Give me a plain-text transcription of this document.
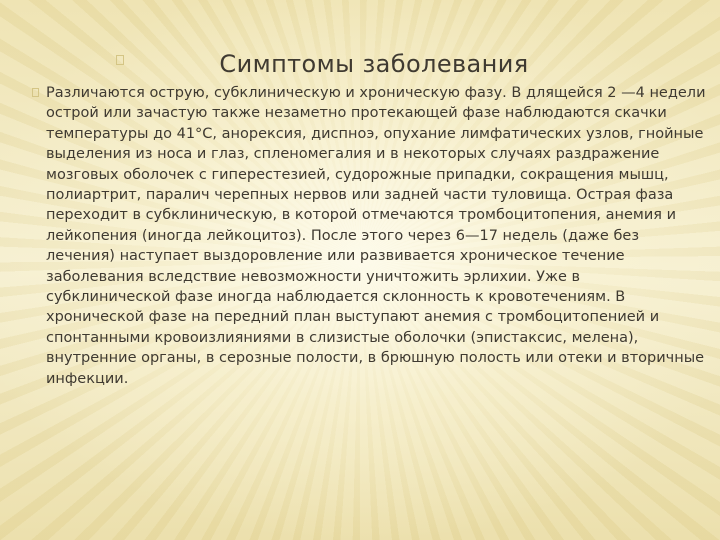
Симптомы заболевания

Различаются острую, субклиническую и хроническую фазу. В длящейся 2 —4 недели острой или зачастую также незаметно протекающей фазе наблюдаются скачки температуры до 41°C, анорексия, диспноэ, опухание лимфатических узлов, гнойные выделения из носа и глаз, спленомегалия и в некоторых случаях раздражение мозговых оболочек с гиперестезией, судорожные припадки, сокращения мышц, полиартрит, паралич черепных нервов или задней части туловища. Острая фаза переходит в субклиническую, в которой отмечаются тромбоцитопения, анемия и лейкопения (иногда лейкоцитоз). После этого через 6—17 недель (даже без лечения) наступает выздоровление или развивается хроническое течение заболевания вследствие невозможности уничтожить эрлихии. Уже в субклинической фазе иногда наблюдается склонность к кровотечениям. В хронической фазе на передний план выступают анемия с тромбоцитопенией и спонтанными кровоизлияниями в слизистые оболочки (эпистаксис, мелена), внутренние органы, в серозные полости, в брюшную полость или отеки и вторичные инфекции.
